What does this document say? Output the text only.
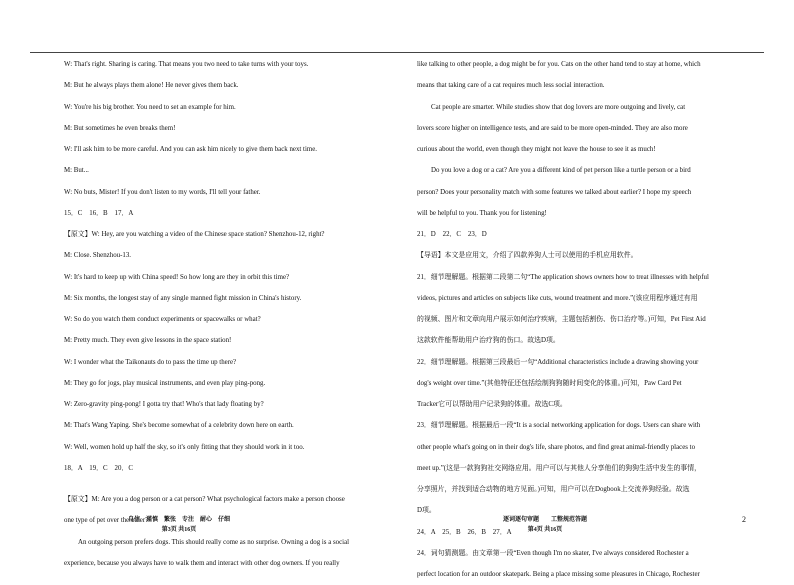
W: That's right. Sharing is caring. That means you two need to take turns with your toys.

M: But he always plays them alone! He never gives them back.

W: You're his big brother. You need to set an example for him.

M: But sometimes he even breaks them!

W: I'll ask him to be more careful. And you can ask him nicely to give them back next time.

M: But...

W: No buts, Mister! If you don't listen to my words, I'll tell your father.

15．C　16．B　17．A

【原文】W: Hey, are you watching a video of the Chinese space station? Shenzhou-12, right?

M: Close. Shenzhou-13.

W: It's hard to keep up with China speed! So how long are they in orbit this time?

M: Six months, the longest stay of any single manned fight mission in China's history.

W: So do you watch them conduct experiments or spacewalks or what?

M: Pretty much. They even give lessons in the space station!

W: I wonder what the Taikonauts do to pass the time up there?

M: They go for jogs, play musical instruments, and even play ping-pong.

W: Zero-gravity ping-pong! I gotta try that! Who's that lady floating by?

M: That's Wang Yaping. She's become somewhat of a celebrity down here on earth.

W: Well, women hold up half the sky, so it's only fitting that they should work in it too.

18．A　19．C　20．C

【原文】M: Are you a dog person or a cat person? What psychological factors make a person choose

one type of pet over the other?

An outgoing person prefers dogs. This should really come as no surprise. Owning a dog is a social

experience, because you always have to walk them and interact with other dog owners. If you really

like talking to other people, a dog might be for you. Cats on the other hand tend to stay at home, which

means that taking care of a cat requires much less social interaction.

Cat people are smarter. While studies show that dog lovers are more outgoing and lively, cat

lovers score higher on intelligence tests, and are said to be more open-minded. They are also more

curious about the world, even though they might not leave the house to see it as much!

Do you love a dog or a cat? Are you a different kind of pet person like a turtle person or a bird

person? Does your personality match with some features we talked about earlier? I hope my speech

will be helpful to you. Thank you for listening!

21．D　22．C　23．D

【导语】本文是应用文，介绍了四款养狗人士可以使用的手机应用软件。

21．细节理解题。根据第二段第二句“The application shows owners how to treat illnesses with helpful

videos, pictures and articles on subjects like cuts, wound treatment and more.”(该应用程序通过有用

的视频、图片和文章向用户展示如何治疗疾病，主题包括割伤、伤口治疗等。)可知，Pet First Aid

这款软件能帮助用户治疗狗的伤口。故选D项。

22．细节理解题。根据第三段最后一句“Additional characteristics include a drawing showing your

dog's weight over time.”(其他特征还包括绘制狗狗随时间变化的体重。)可知，Paw Card Pet

Tracker它可以帮助用户记录狗的体重。故选C项。

23．细节理解题。根据最后一段“It is a social networking application for dogs. Users can share with

other people what's going on in their dog's life, share photos, and find great animal-friendly places to

meet up.”(这是一款狗狗社交网络应用。用户可以与其他人分享他们的狗狗生活中发生的事情，

分享照片，并找到适合动物的地方见面。)可知，用户可以在Dogbook上交流养狗经验。故选

D项。

24．A　25．B　26．B　27．A

24．词句猜测题。由文章第一段“Even though I'm no skater, I've always considered Rochester a

perfect location for an outdoor skatepark. Being a place missing some pleasures in Chicago, Rochester

自信　谨慎　繁张　专注　耐心　仔细
第3页 共16页
逐词逐句审题　　工整规范答题
第4页 共16页
2
